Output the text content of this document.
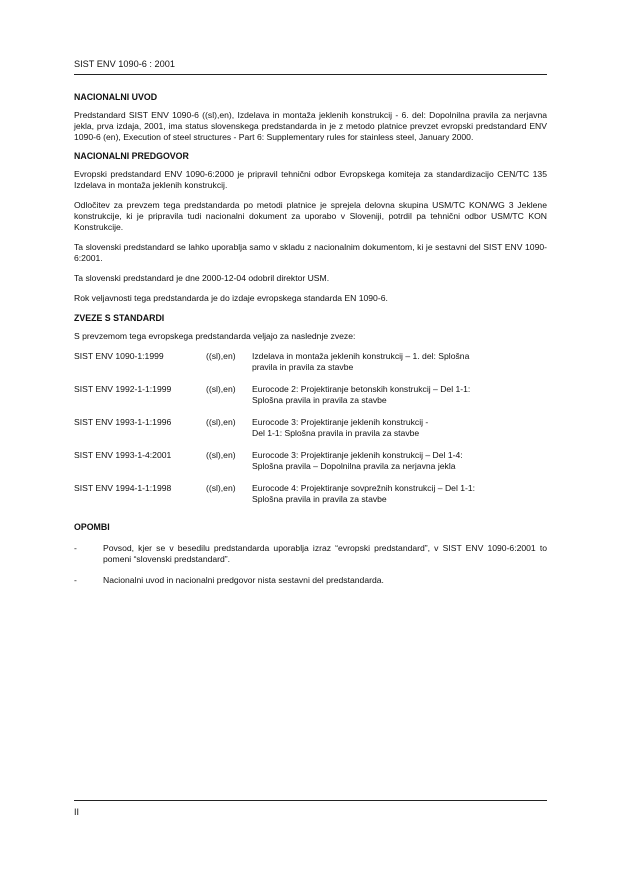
SIST ENV 1090-6 : 2001
NACIONALNI UVOD

Predstandard SIST ENV 1090-6 ((sl),en), Izdelava in montaža jeklenih konstrukcij - 6. del: Dopolnilna pravila za nerjavna jekla, prva izdaja, 2001, ima status slovenskega predstandarda in je z metodo platnice prevzet evropski predstandard ENV 1090-6 (en), Execution of steel structures - Part 6: Supplementary rules for stainless steel, January 2000.

NACIONALNI PREDGOVOR

Evropski predstandard ENV 1090-6:2000 je pripravil tehnični odbor Evropskega komiteja za standardizacijo CEN/TC 135 Izdelava in montaža jeklenih konstrukcij.

Odločitev za prevzem tega predstandarda po metodi platnice je sprejela delovna skupina USM/TC KON/WG 3 Jeklene konstrukcije, ki je pripravila tudi nacionalni dokument za uporabo v Sloveniji, potrdil pa tehnični odbor USM/TC KON Konstrukcije.

Ta slovenski predstandard se lahko uporablja samo v skladu z nacionalnim dokumentom, ki je sestavni del SIST ENV 1090-6:2001.

Ta slovenski predstandard je dne 2000-12-04 odobril direktor USM.

Rok veljavnosti tega predstandarda je do izdaje evropskega standarda EN 1090-6.

ZVEZE S STANDARDI

S prevzemom tega evropskega predstandarda veljajo za naslednje zveze:

SIST ENV 1090-1:1999	((sl),en)	Izdelava in montaža jeklenih konstrukcij – 1. del: Splošna
pravila in pravila za stavbe

SIST ENV 1992-1-1:1999	((sl),en)	Eurocode 2: Projektiranje betonskih konstrukcij – Del 1-1:
Splošna pravila in pravila za stavbe

SIST ENV 1993-1-1:1996	((sl),en)	Eurocode 3: Projektiranje jeklenih konstrukcij -
Del 1-1: Splošna pravila in pravila za stavbe

SIST ENV 1993-1-4:2001	((sl),en)	Eurocode 3: Projektiranje jeklenih konstrukcij – Del 1-4:
Splošna pravila – Dopolnilna pravila za nerjavna jekla

SIST ENV 1994-1-1:1998	((sl),en)	Eurocode 4: Projektiranje sovprežnih konstrukcij – Del 1-1:
Splošna pravila in pravila za stavbe
OPOMBI
-	Povsod, kjer se v besedilu predstandarda uporablja izraz “evropski predstandard”, v SIST ENV 1090-6:2001 to pomeni “slovenski predstandard”.
-	Nacionalni uvod in nacionalni predgovor nista sestavni del predstandarda.
II
